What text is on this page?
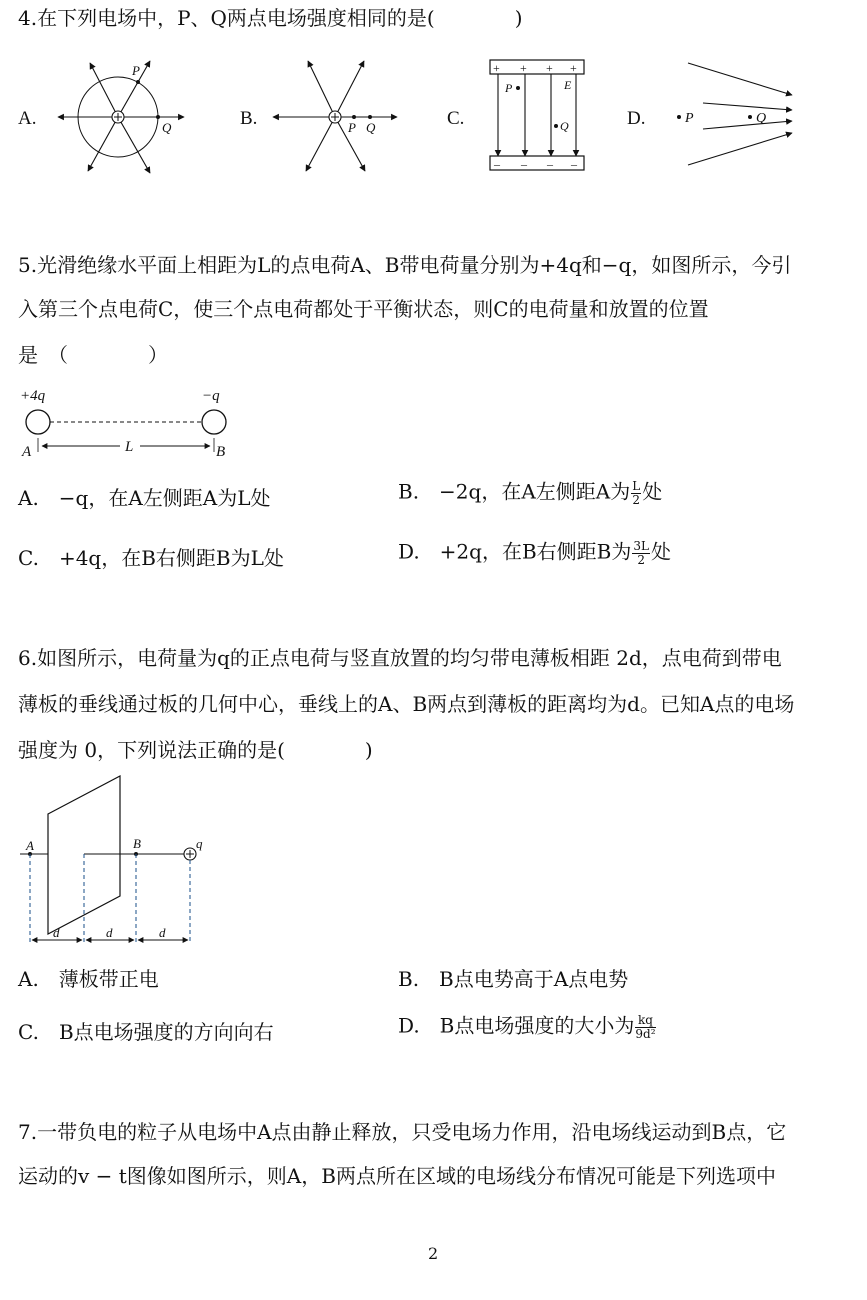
4.在下列电场中，P、Q两点电场强度相同的是(　　　　)
A.	B.	C.	D.
P
Q	P Q
+ + + +
– – – –
P	E
Q	P	Q
5.光滑绝缘水平面上相距为L的点电荷A、B带电荷量分别为+4q和−q，如图所示，今引
入第三个点电荷C，使三个点电荷都处于平衡状态，则C的电荷量和放置的位置
是　（　　　　）
+4q	−q
A	B
L
A.　−q，在A左侧距A为L处	B.　−2q，在A左侧距A为 $\frac{L}{2}$ 处
C.　+4q，在B右侧距B为L处	D.　+2q，在B右侧距B为 $\frac{3L}{2}$ 处
6.如图所示，电荷量为q的正点电荷与竖直放置的均匀带电薄板相距 2d，点电荷到带电
薄板的垂线通过板的几何中心，垂线上的A、B两点到薄板的距离均为d。已知A点的电场
强度为 0，下列说法正确的是(　　　　)
A	B	q
d	d	d
A.　薄板带正电	B.　B点电势高于A点电势
C.　B点电场强度的方向向右	D.　B点电场强度的大小为 $\frac{kq}{\text{9d²}}$
7.一带负电的粒子从电场中A点由静止释放，只受电场力作用，沿电场线运动到B点，它
运动的v − t图像如图所示，则A，B两点所在区域的电场线分布情况可能是下列选项中
2
